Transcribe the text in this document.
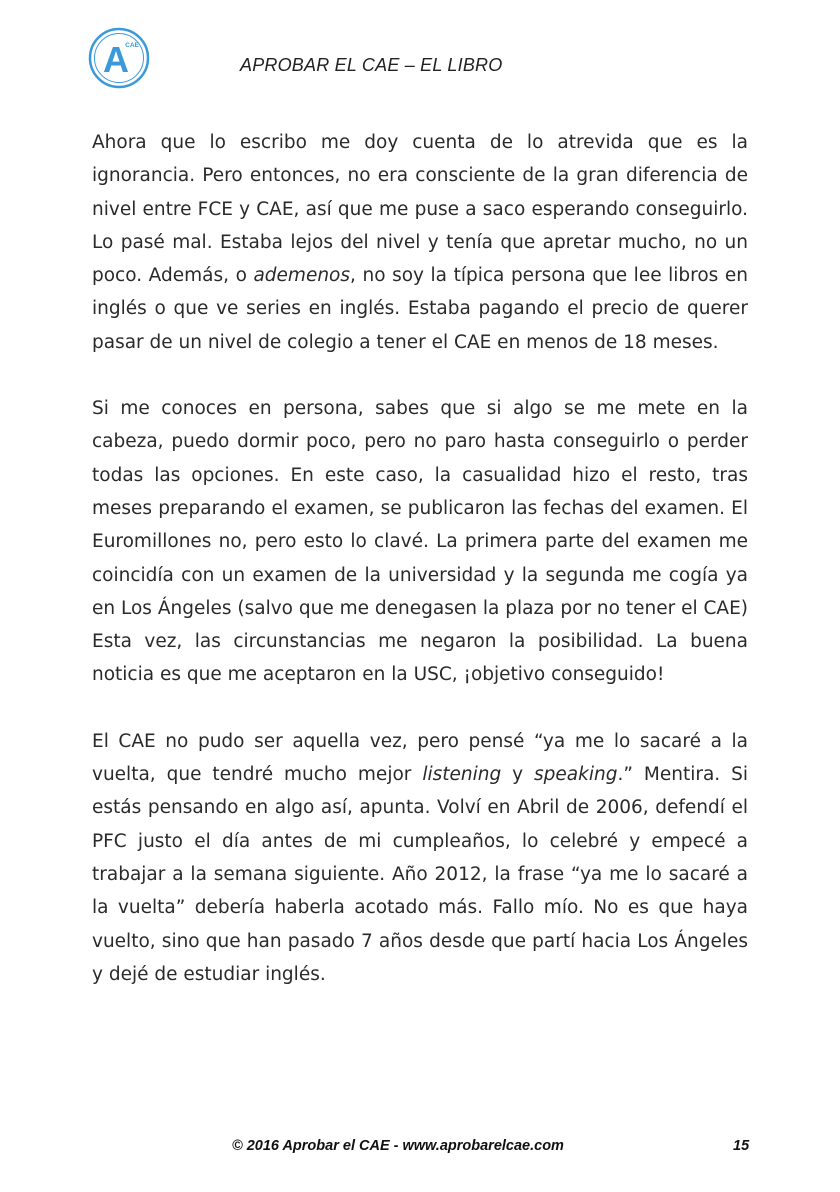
A
CAE
APROBAR EL CAE – EL LIBRO

Ahora que lo escribo me doy cuenta de lo atrevida que es la ignorancia. Pero entonces, no era consciente de la gran diferencia de nivel entre FCE y CAE, así que me puse a saco esperando conseguirlo. Lo pasé mal. Estaba lejos del nivel y tenía que apretar mucho, no un poco. Además, o ademenos, no soy la típica persona que lee libros en inglés o que ve series en inglés. Estaba pagando el precio de querer pasar de un nivel de colegio a tener el CAE en menos de 18 meses.

Si me conoces en persona, sabes que si algo se me mete en la cabeza, puedo dormir poco, pero no paro hasta conseguirlo o perder todas las opciones. En este caso, la casualidad hizo el resto, tras meses preparando el examen, se publicaron las fechas del examen. El Euromillones no, pero esto lo clavé. La primera parte del examen me coincidía con un examen de la universidad y la segunda me cogía ya en Los Ángeles (salvo que me denegasen la plaza por no tener el CAE) Esta vez, las circunstancias me negaron la posibilidad. La buena noticia es que me aceptaron en la USC, ¡objetivo conseguido!

El CAE no pudo ser aquella vez, pero pensé “ya me lo sacaré a la vuelta, que tendré mucho mejor listening y speaking.” Mentira. Si estás pensando en algo así, apunta. Volví en Abril de 2006, defendí el PFC justo el día antes de mi cumpleaños, lo celebré y empecé a trabajar a la semana siguiente. Año 2012, la frase “ya me lo sacaré a la vuelta” debería haberla acotado más. Fallo mío. No es que haya vuelto, sino que han pasado 7 años desde que partí hacia Los Ángeles y dejé de estudiar inglés.

© 2016 Aprobar el CAE - www.aprobarelcae.com	15
